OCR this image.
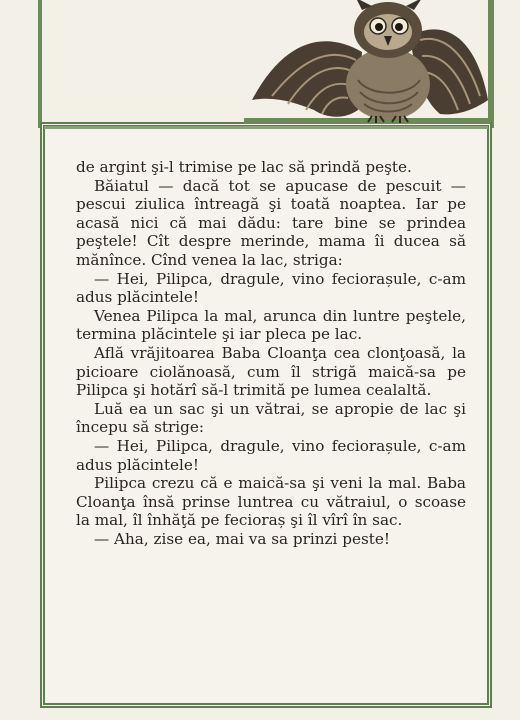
de argint şi-l trimise pe lac să prindă peşte.

Băiatul — dacă tot se apucase de pescuit — pescui ziulica întreagă şi toată noaptea. Iar pe acasă nici că mai dădu: tare bine se prindea peştele! Cît despre merinde, mama îi ducea să mănînce. Cînd venea la lac, striga:

— Hei, Pilipca, dragule, vino feciorașule, c-am adus plăcintele!

Venea Pilipca la mal, arunca din luntre peştele, termina plăcintele şi iar pleca pe lac.

Află vrăjitoarea Baba Cloanţa cea clonţoasă, la picioare ciolănoasă, cum îl strigă maică-sa pe Pilipca şi hotărî să-l trimită pe lumea cealaltă.

Luă ea un sac şi un vătrai, se apropie de lac şi începu să strige:

— Hei, Pilipca, dragule, vino feciorașule, c-am adus plăcintele!

Pilipca crezu că e maică-sa şi veni la mal. Baba Cloanţa însă prinse luntrea cu vătraiul, o scoase la mal, îl înhăţă pe fecioraș şi îl vîrî în sac.

— Aha, zise ea, mai va sa prinzi peste!
